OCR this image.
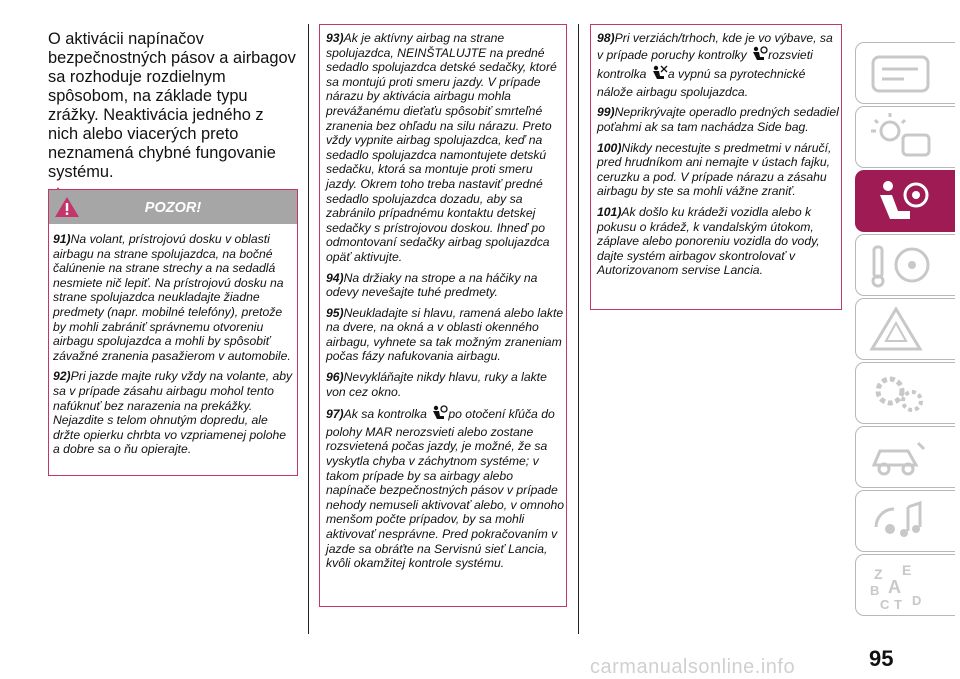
O aktivácii napínačov bezpečnostných pásov a airbagov sa rozhoduje rozdielnym spôsobom, na základe typu zrážky. Neaktivácia jedného z nich alebo viacerých preto neznamená chybné fungovanie systému.

POZOR!

91)Na volant, prístrojovú dosku v oblasti airbagu na strane spolujazdca, na bočné čalúnenie na strane strechy a na sedadlá nesmiete nič lepiť. Na prístrojovú dosku na strane spolujazdca neukladajte žiadne predmety (napr. mobilné telefóny), pretože by mohli zabrániť správnemu otvoreniu airbagu spolujazdca a mohli by spôsobiť závažné zranenia pasažierom v automobile.

92)Pri jazde majte ruky vždy na volante, aby sa v prípade zásahu airbagu mohol tento nafúknuť bez narazenia na prekážky. Nejazdite s telom ohnutým dopredu, ale držte opierku chrbta vo vzpriamenej polohe a dobre sa o ňu opierajte.

93)Ak je aktívny airbag na strane spolujazdca, NEINŠTALUJTE na predné sedadlo spolujazdca detské sedačky, ktoré sa montujú proti smeru jazdy. V prípade nárazu by aktivácia airbagu mohla prevážanému dieťaťu spôsobiť smrteľné zranenia bez ohľadu na silu nárazu. Preto vždy vypnite airbag spolujazdca, keď na sedadlo spolujazdca namontujete detskú sedačku, ktorá sa montuje proti smeru jazdy. Okrem toho treba nastaviť predné sedadlo spolujazdca dozadu, aby sa zabránilo prípadnému kontaktu detskej sedačky s prístrojovou doskou. Ihneď po odmontovaní sedačky airbag spolujazdca opäť aktivujte.

94)Na držiaky na stropе a na háčiky na odevy nevešajte tuhé predmety.

95)Neukladajte si hlavu, ramená alebo lakte na dvere, na okná a v oblasti okenného airbagu, vyhnete sa tak možným zraneniam počas fázy nafukovania airbagu.

96)Nevykláňajte nikdy hlavu, ruky a lakte von cez okno.

97)Ak sa kontrolka po otočení kľúča do polohy MAR nerozsvieti alebo zostane rozsvietená počas jazdy, je možné, že sa vyskytla chyba v záchytnom systéme; v takom prípade by sa airbagy alebo napínače bezpečnostných pásov v prípade nehody nemuseli aktivovať alebo, v omnoho menšom počte prípadov, by sa mohli aktivovať nesprávne. Pred pokračovaním v jazde sa obráťte na Servisnú sieť Lancia, kvôli okamžitej kontrole systému.

98)Pri verziách/trhoch, kde je vo výbave, sa v prípade poruchy kontrolky rozsvieti kontrolka a vypnú sa pyrotechnické nálože airbagu spolujazdca.

99)Neprikrývajte operadlo predných sedadiel poťahmi ak sa tam nachádza Side bag.

100)Nikdy necestujte s predmetmi v náručí, pred hrudníkom ani nemajte v ústach fajku, ceruzku a pod. V prípade nárazu a zásahu airbagu by ste sa mohli vážne zraniť.

101)Ak došlo ku krádeži vozidla alebo k pokusu o krádež, k vandalským útokom, záplave alebo ponoreniu vozidla do vody, dajte systém airbagov skontrolovať v Autorizovanom servise Lancia.

Z E
B A
C T D
carmanualsonline.info	95
